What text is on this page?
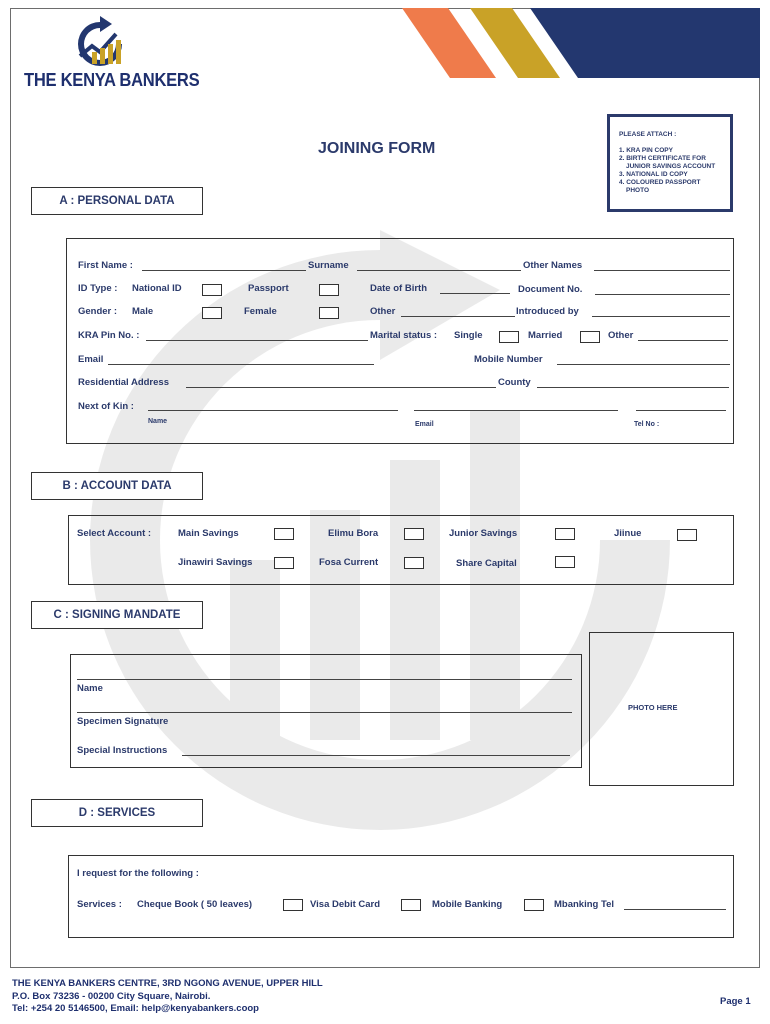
THE KENYA BANKERS
JOINING FORM
PLEASE ATTACH :
1. KRA PIN COPY
2. BIRTH CERTIFICATE FOR
JUNIOR SAVINGS ACCOUNT
3. NATIONAL ID COPY
4. COLOURED PASSPORT
PHOTO
A : PERSONAL DATA
First Name :	Surname	Other Names
ID Type : National ID	Passport	Date of Birth	Document No.
Gender : Male	Female	Other	Introduced by
KRA Pin No. :	Marital status : Single	Married	Other
Email	Mobile Number
Residential Address	County
Next of Kin :
Name	Email	Tel No :
B : ACCOUNT DATA
Select Account :	Main Savings	Elimu Bora	Junior Savings	Jiinue
Jinawiri Savings	Fosa Current	Share Capital
C : SIGNING MANDATE
Name
Specimen Signature
Special Instructions
PHOTO HERE
D : SERVICES
I request for the following :
Services : Cheque Book ( 50 leaves)	Visa Debit Card	Mobile Banking	Mbanking Tel
THE KENYA BANKERS CENTRE, 3RD NGONG AVENUE, UPPER HILL
P.O. Box 73236 - 00200 City Square, Nairobi.
Tel: +254 20 5146500, Email: help@kenyabankers.coop
Page 1
